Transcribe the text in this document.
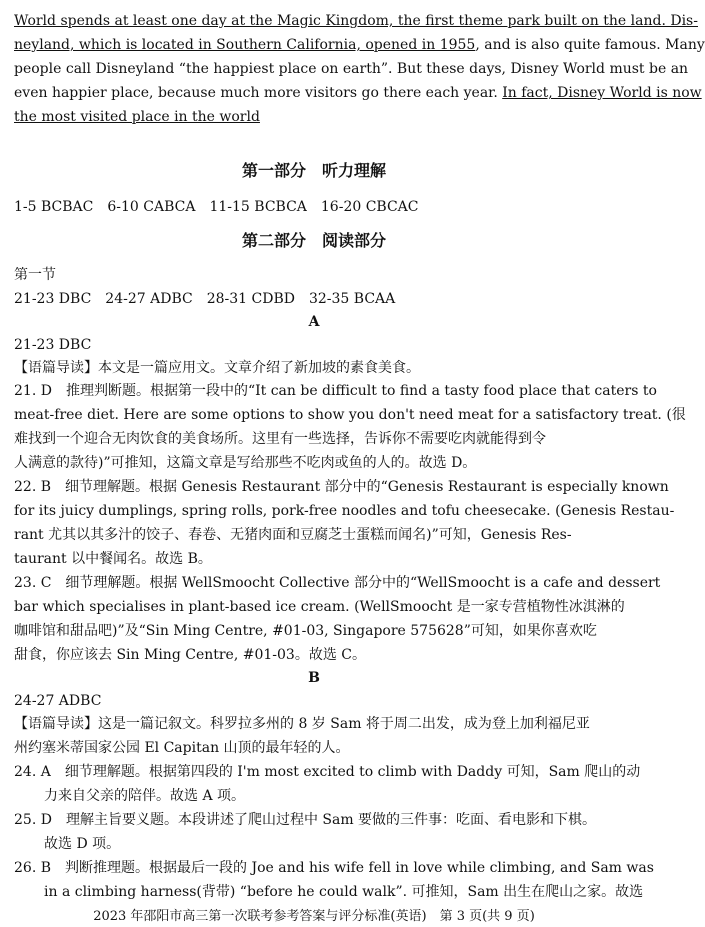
World spends at least one day at the Magic Kingdom, the first theme park built on the land. Dis-
neyland, which is located in Southern California, opened in 1955, and is also quite famous. Many
people call Disneyland “the happiest place on earth”. But these days, Disney World must be an
even happier place, because much more visitors go there each year. In fact, Disney World is now
the most visited place in the world
第一部分　听力理解
1-5 BCBAC　6-10 CABCA　11-15 BCBCA　16-20 CBCAC
第二部分　阅读部分
第一节
21-23 DBC　24-27 ADBC　28-31 CDBD　32-35 BCAA
A
21-23 DBC
【语篇导读】本文是一篇应用文。文章介绍了新加坡的素食美食。
21. D　推理判断题。根据第一段中的“It can be difficult to find a tasty food place that caters to
meat-free diet. Here are some options to show you don't need meat for a satisfactory treat. (很
难找到一个迎合无肉饮食的美食场所。这里有一些选择，告诉你不需要吃肉就能得到令
人满意的款待)”可推知，这篇文章是写给那些不吃肉或鱼的人的。故选 D。
22. B　细节理解题。根据 Genesis Restaurant 部分中的“Genesis Restaurant is especially known
for its juicy dumplings, spring rolls, pork-free noodles and tofu cheesecake. (Genesis Restau-
rant 尤其以其多汁的饺子、春卷、无猪肉面和豆腐芝士蛋糕而闻名)”可知，Genesis Res-
taurant 以中餐闻名。故选 B。
23. C　细节理解题。根据 WellSmoocht Collective 部分中的“WellSmoocht is a cafe and dessert
bar which specialises in plant-based ice cream. (WellSmoocht 是一家专营植物性冰淇淋的
咖啡馆和甜品吧)”及“Sin Ming Centre, #01-03, Singapore 575628”可知，如果你喜欢吃
甜食，你应该去 Sin Ming Centre, #01-03。故选 C。
B
24-27 ADBC
【语篇导读】这是一篇记叙文。科罗拉多州的 8 岁 Sam 将于周二出发，成为登上加利福尼亚
州约塞米蒂国家公园 El Capitan 山顶的最年轻的人。
24. A　细节理解题。根据第四段的 I'm most excited to climb with Daddy 可知，Sam 爬山的动
力来自父亲的陪伴。故选 A 项。
25. D　理解主旨要义题。本段讲述了爬山过程中 Sam 要做的三件事：吃面、看电影和下棋。
故选 D 项。
26. B　判断推理题。根据最后一段的 Joe and his wife fell in love while climbing, and Sam was
in a climbing harness(背带) “before he could walk”. 可推知，Sam 出生在爬山之家。故选
2023 年邵阳市高三第一次联考参考答案与评分标准(英语)　第 3 页(共 9 页)
